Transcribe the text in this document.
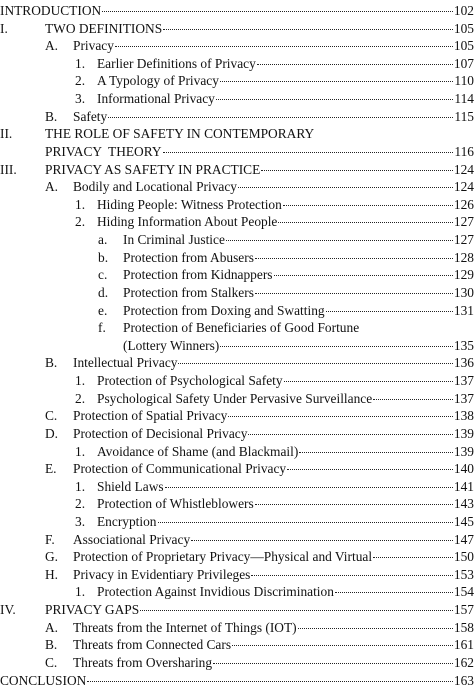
INTRODUCTION	102
I.	TWO DEFINITIONS	105
A.	Privacy	105
1. Earlier Definitions of Privacy	107
2. A Typology of Privacy	110
3. Informational Privacy	114
B.	Safety	115
II.	THE ROLE OF SAFETY IN CONTEMPORARY
PRIVACY  THEORY	116
III.	PRIVACY AS SAFETY IN PRACTICE	124
A.	Bodily and Locational Privacy	124
1. Hiding People: Witness Protection	126
2. Hiding Information About People	127
a.	In Criminal Justice	127
b.	Protection from Abusers	128
c.	Protection from Kidnappers	129
d.	Protection from Stalkers	130
e.	Protection from Doxing and Swatting	131
f.	Protection of Beneficiaries of Good Fortune
(Lottery Winners)	135
B.	Intellectual Privacy	136
1. Protection of Psychological Safety	137
2. Psychological Safety Under Pervasive Surveillance	137
C.	Protection of Spatial Privacy	138
D.	Protection of Decisional Privacy	139
1. Avoidance of Shame (and Blackmail)	139
E.	Protection of Communicational Privacy	140
1. Shield Laws	141
2. Protection of Whistleblowers	143
3. Encryption	145
F.	Associational Privacy	147
G.	Protection of Proprietary Privacy—Physical and Virtual	150
H.	Privacy in Evidentiary Privileges	153
1. Protection Against Invidious Discrimination	154
IV.	PRIVACY GAPS	157
A.	Threats from the Internet of Things (IOT)	158
B.	Threats from Connected Cars	161
C.	Threats from Oversharing	162
CONCLUSION	163
